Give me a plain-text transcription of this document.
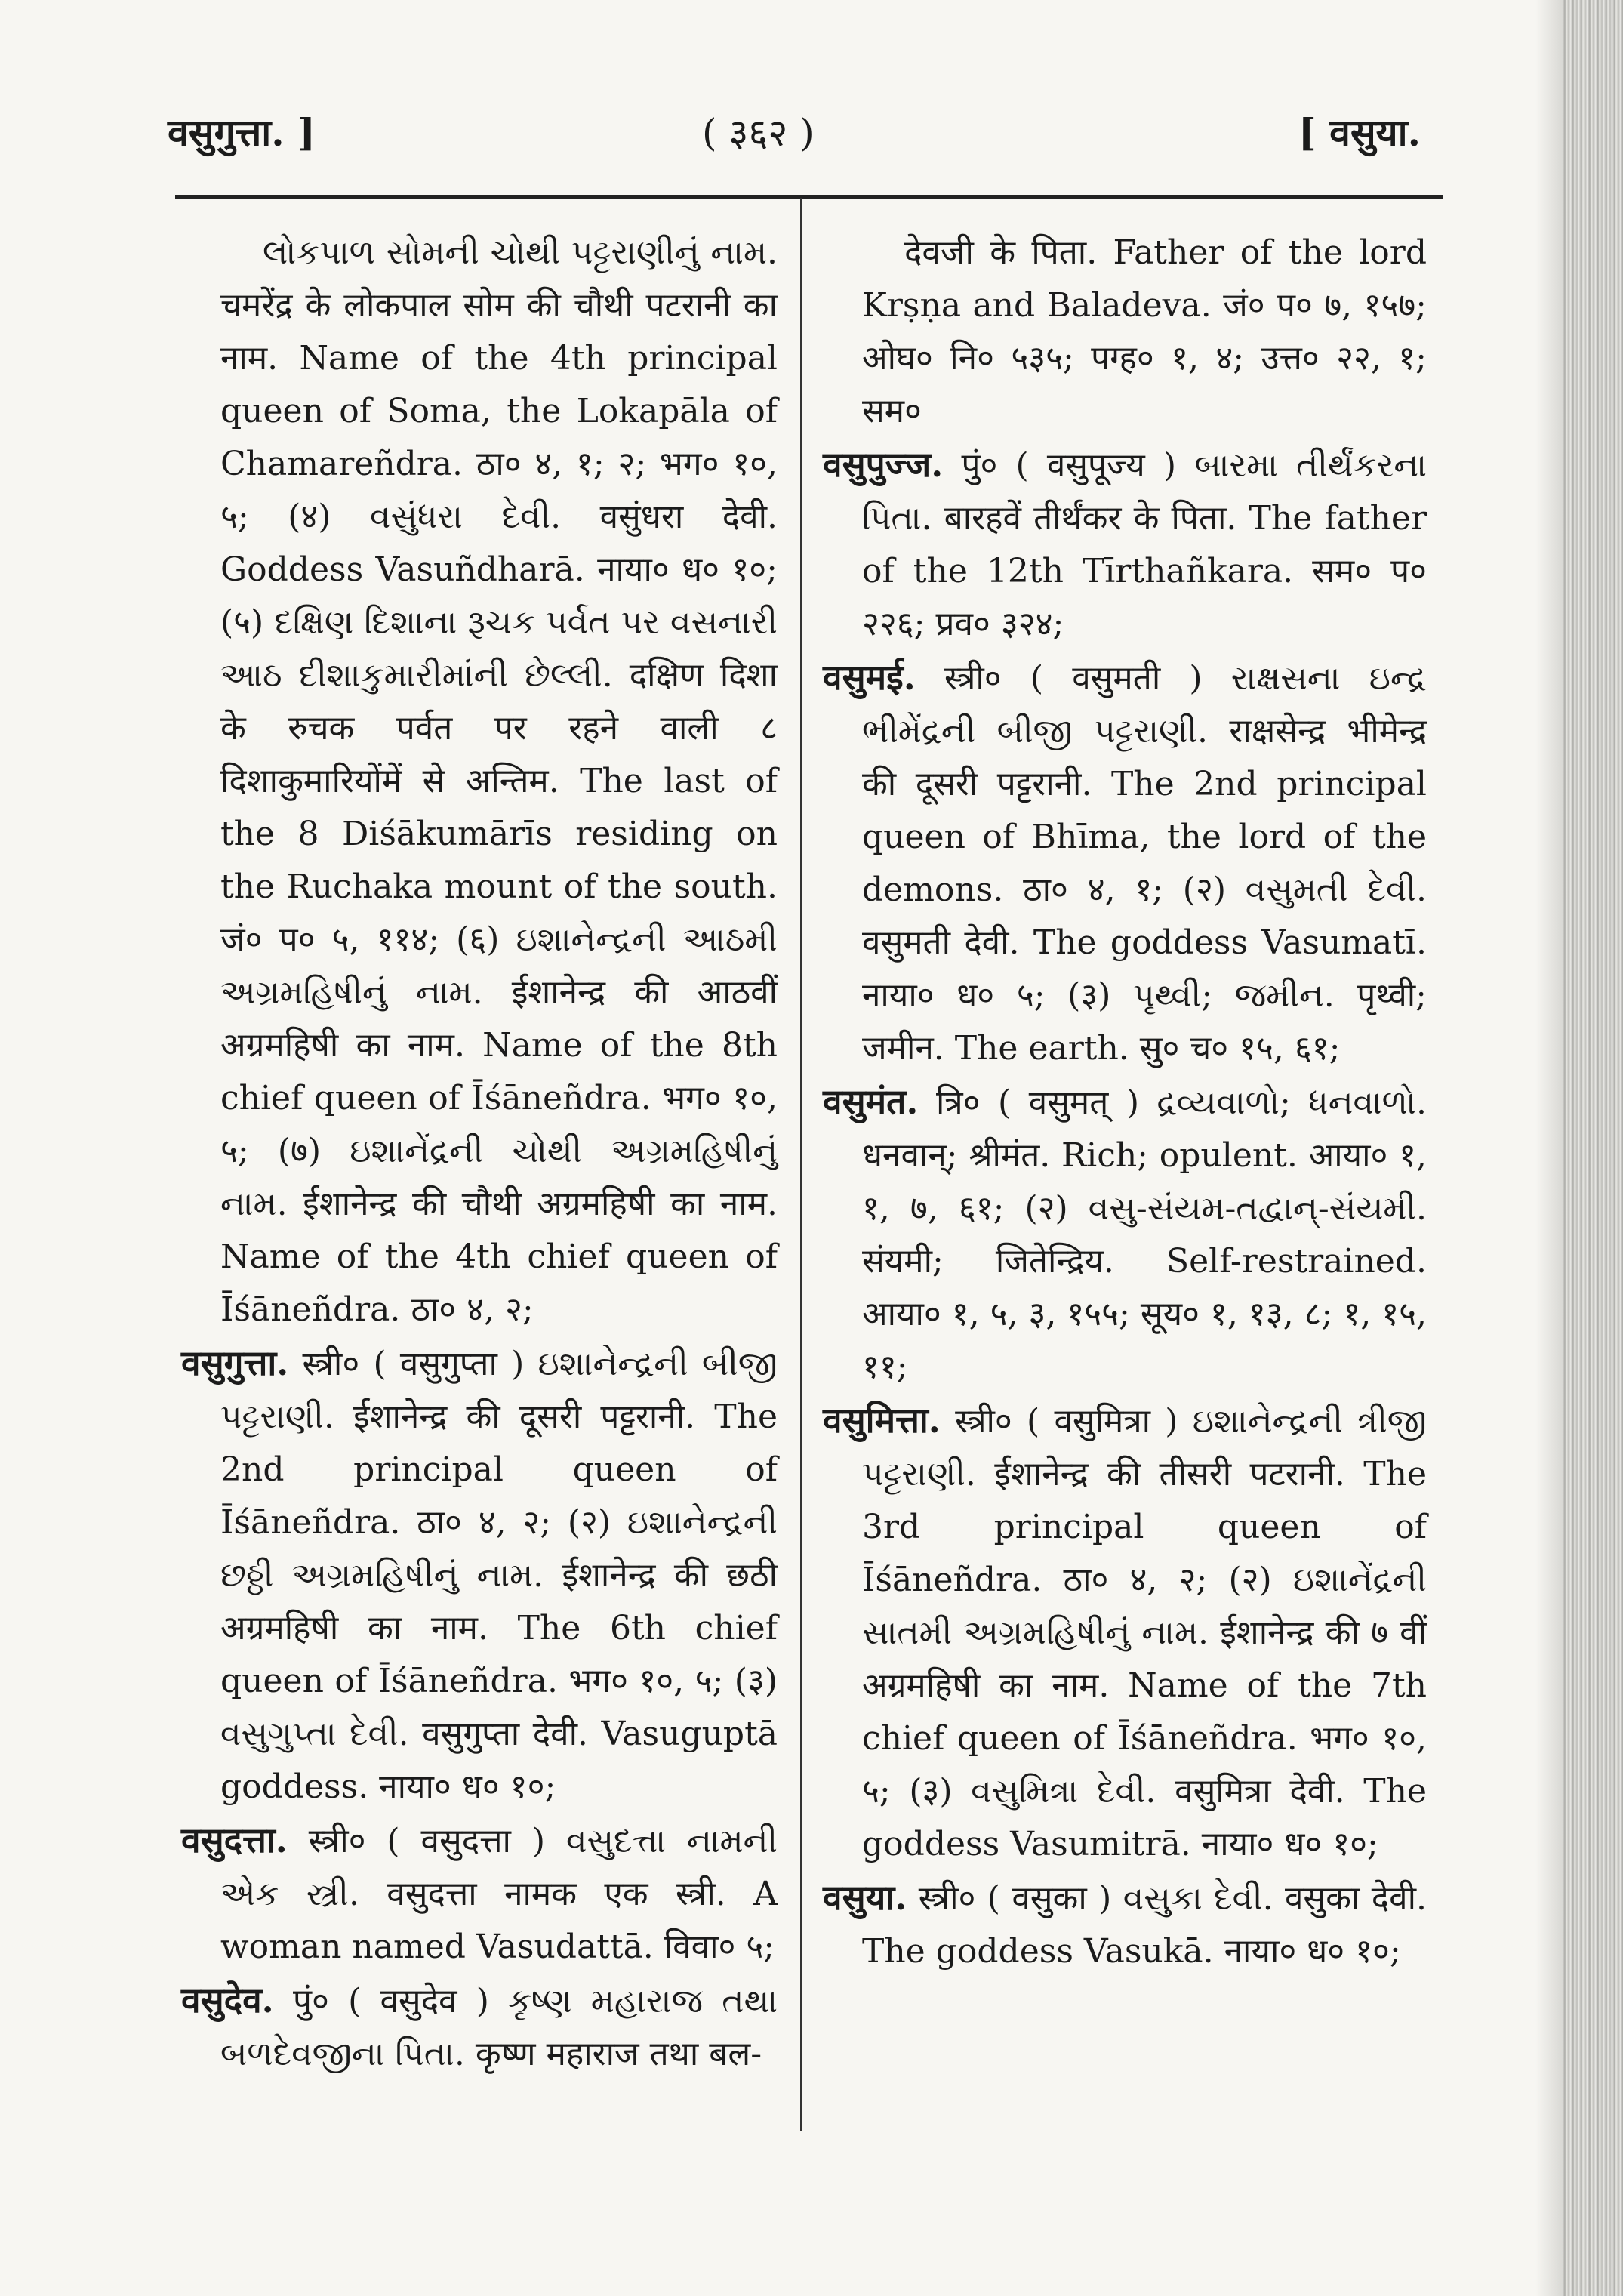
वसुगुत्ता. ]	( ३६२ )	[ वसुया.

લોકપાળ સોમની ચોથી પટ્ટરાણીનું નામ. चमरेंद्र के लोकपाल सोम की चौथी पटरानी का नाम. Name of the 4th principal queen of Soma, the Lokapāla of Chamareñdra. ठा० ४, १; २; भग० १०, ५; (४) વસુંધરા દેવી. वसुंधरा देवी. Goddess Vasuñdharā. नाया० ध० १०; (५) દક્ષિણ દિશાના રૂચક પર્વત પર વસનારી આઠ દીશાકુમારીમાંની છેલ્લી. दक्षिण दिशा के रुचक पर्वत पर रहने वाली ८ दिशाकुमारियोंमें से अन्तिम. The last of the 8 Diśākumārīs residing on the Ruchaka mount of the south. जं० प० ५, ११४; (६) ઇશાનેન્દ્રની આઠમી અગ્રમહિષીનું નામ. ईशानेन्द्र की आठवीं अग्रमहिषी का नाम. Name of the 8th chief queen of Īśāneñdra. भग० १०, ५; (७) ઇશાનેંદ્રની ચોથી અગ્રમહિષીનું નામ. ईशानेन्द्र की चौथी अग्रमहिषी का नाम. Name of the 4th chief queen of Īśāneñdra. ठा० ४, २;

वसुगुत्ता. स्त्री० ( वसुगुप्ता ) ઇશાનેન્દ્રની બીજી પટ્ટરાણી. ईशानेन्द्र की दूसरी पट्टरानी. The 2nd principal queen of Īśāneñdra. ठा० ४, २; (२) ઇશાનેન્દ્રની છઠ્ઠી અગ્રમહિષીનું નામ. ईशानेन्द्र की छठी अग्रमहिषी का नाम. The 6th chief queen of Īśāneñdra. भग० १०, ५; (३) વસુગુપ્તા દેવી. वसुगुप्ता देवी. Vasuguptā goddess. नाया० ध० १०;

वसुदत्ता. स्त्री० ( वसुदत्ता ) વસુદત્તા નામની એક સ્ત્રી. वसुदत्ता नामक एक स्त्री. A woman named Vasudattā. विवा० ५;

वसुदेव. पुं० ( वसुदेव ) કૃષ્ણ મહારાજ તથા બળદેવજીના પિતા. कृष्ण महाराज तथा बल-

देवजी के पिता. Father of the lord Krṣṇa and Baladeva. जं० प० ७, १५७; ओघ० नि० ५३५; पग्ह० १, ४; उत्त० २२, १; सम०

वसुपुज्ज. पुं० ( वसुपूज्य ) બારમા તીર્થંકરના પિતા. बारहवें तीर्थंकर के पिता. The father of the 12th Tīrthañkara. सम० प० २२६; प्रव० ३२४;

वसुमई. स्त्री० ( वसुमती ) રાક્ષસના ઇન્દ્ર ભીમેંદ્રની બીજી પટ્ટરાણી. राक्षसेन्द्र भीमेन्द्र की दूसरी पट्टरानी. The 2nd principal queen of Bhīma, the lord of the demons. ठा० ४, १; (२) વસુમતી દેવી. वसुमती देवी. The goddess Vasumatī. नाया० ध० ५; (३) પૃથ્વી; જમીન. पृथ्वी; जमीन. The earth. सु० च० १५, ६१;

वसुमंत. त्रि० ( वसुमत् ) દ્રવ્યવાળો; ધનવાળો. धनवान्; श्रीमंत. Rich; opulent. आया० १, १, ७, ६१; (२) વસુ-સંયમ-તદ્વાન્-સંયમી. संयमी; जितेन्द्रिय. Self-restrained. आया० १, ५, ३, १५५; सूय० १, १३, ८; १, १५, ११;

वसुमित्ता. स्त्री० ( वसुमित्रा ) ઇશાનેન્દ્રની ત્રીજી પટ્ટરાણી. ईशानेन्द्र की तीसरी पटरानी. The 3rd principal queen of Īśāneñdra. ठा० ४, २; (२) ઇશાનેંદ્રની સાતમી અગ્રમહિષીનું નામ. ईशानेन्द्र की ७ वीं अग्रमहिषी का नाम. Name of the 7th chief queen of Īśāneñdra. भग० १०, ५; (३) વસુમિત્રા દેવી. वसुमित्रा देवी. The goddess Vasumitrā. नाया० ध० १०;

वसुया. स्त्री० ( वसुका ) વસુકા દેવી. वसुका देवी. The goddess Vasukā. नाया० ध० १०;
